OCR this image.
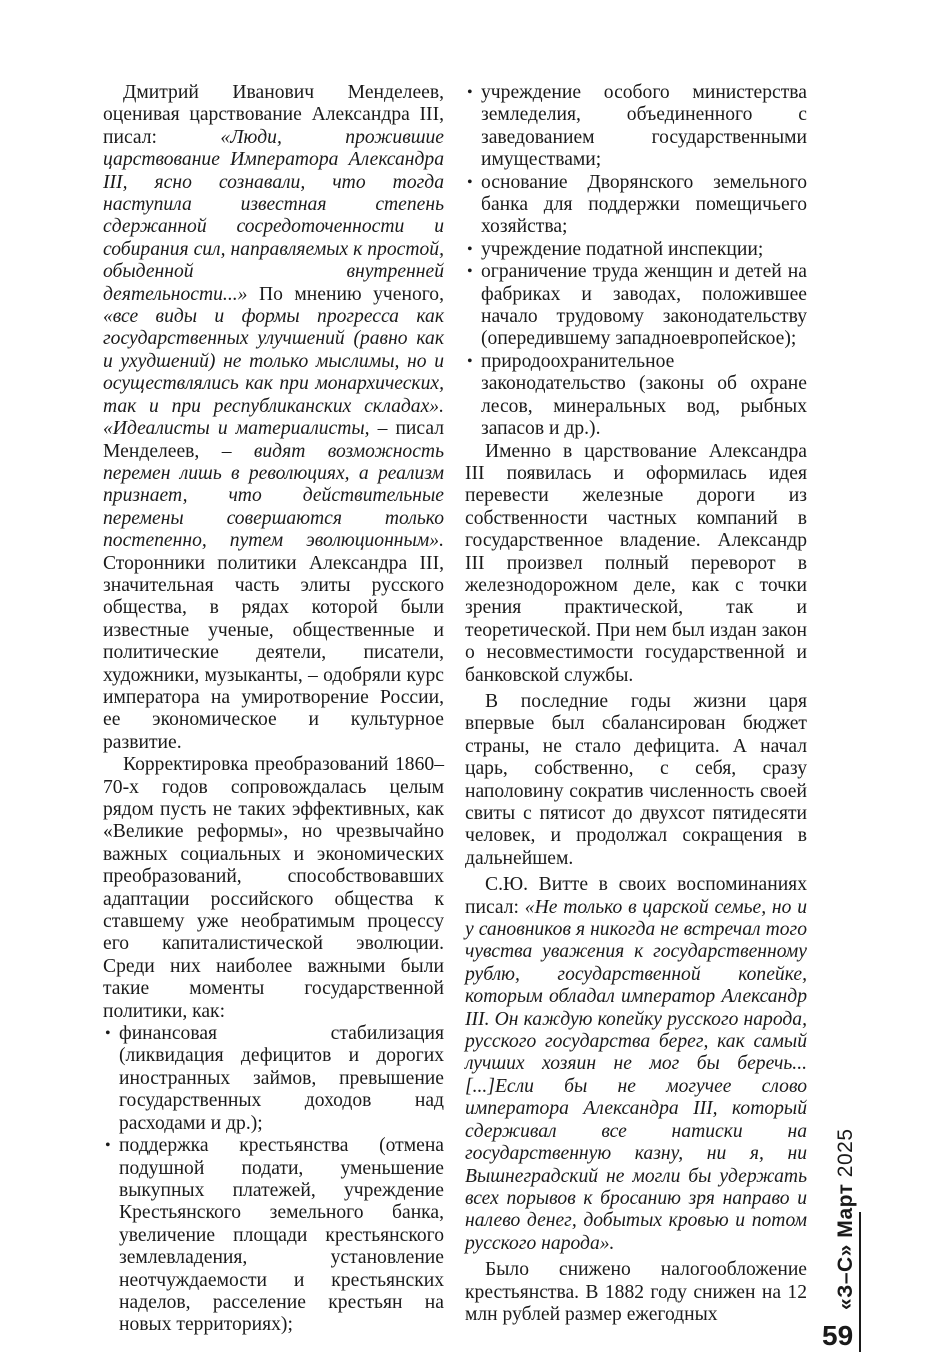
Дмитрий Иванович Менделеев, оценивая царствование Александра III, писал: «Люди, прожившие царствование Императора Александра III, ясно сознавали, что тогда наступила известная степень сдержанной сосредоточенности и собирания сил, направляемых к простой, обыденной внутренней деятельности...» По мнению ученого, «все виды и формы прогресса как государственных улучшений (равно как и ухудшений) не только мыслимы, но и осуществлялись как при монархических, так и при республиканских складах». «Идеалисты и материалисты, – писал Менделеев, – видят возможность перемен лишь в революциях, а реализм признает, что действительные перемены совершаются только постепенно, путем эволюционным». Сторонники политики Александра III, значительная часть элиты русского общества, в рядах которой были известные ученые, общественные и политические деятели, писатели, художники, музыканты, – одобряли курс императора на умиротворение России, ее экономическое и культурное развитие.

Корректировка преобразований 1860–70-х годов сопровождалась целым рядом пусть не таких эффективных, как «Великие реформы», но чрезвычайно важных социальных и экономических преобразований, способствовавших адаптации российского общества к ставшему уже необратимым процессу его капиталистической эволюции. Среди них наиболее важными были такие моменты государственной политики, как:

• финансовая стабилизация (ликвидация дефицитов и дорогих иностранных займов, превышение государственных доходов над расходами и др.);
• поддержка крестьянства (отмена подушной подати, уменьшение выкупных платежей, учреждение Крестьянского земельного банка, увеличение площади крестьянского землевладения, установление неотчуждаемости и крестьянских наделов, расселение крестьян на новых территориях);
• учреждение особого министерства земледелия, объединенного с заведованием государственными имуществами;
• основание Дворянского земельного банка для поддержки помещичьего хозяйства;
• учреждение податной инспекции;
• ограничение труда женщин и детей на фабриках и заводах, положившее начало трудовому законодательству (опередившему западноевропейское);
• природоохранительное законодательство (законы об охране лесов, минеральных вод, рыбных запасов и др.).

Именно в царствование Александра III появилась и оформилась идея перевести железные дороги из собственности частных компаний в государственное владение. Александр III произвел полный переворот в железнодорожном деле, как с точки зрения практической, так и теоретической. При нем был издан закон о несовместимости государственной и банковской службы.

В последние годы жизни царя впервые был сбалансирован бюджет страны, не стало дефицита. А начал царь, собственно, с себя, сразу наполовину сократив численность своей свиты с пятисот до двухсот пятидесяти человек, и продолжал сокращения в дальнейшем.

С.Ю. Витте в своих воспоминаниях писал: «Не только в царской семье, но и у сановников я никогда не встречал того чувства уважения к государственному рублю, государственной копейке, которым обладал император Александр III. Он каждую копейку русского народа, русского государства берег, как самый лучших хозяин не мог бы беречь...[...]Если бы не могучее слово императора Александра III, который сдерживал все натиски на государственную казну, ни я, ни Вышнеградский не могли бы удержать всех порывов к бросанию зря направо и налево денег, добытых кровью и потом русского народа».

Было снижено налогообложение крестьянства. В 1882 году снижен на 12 млн рублей размер ежегодных

«З–С» Март 2025
59
